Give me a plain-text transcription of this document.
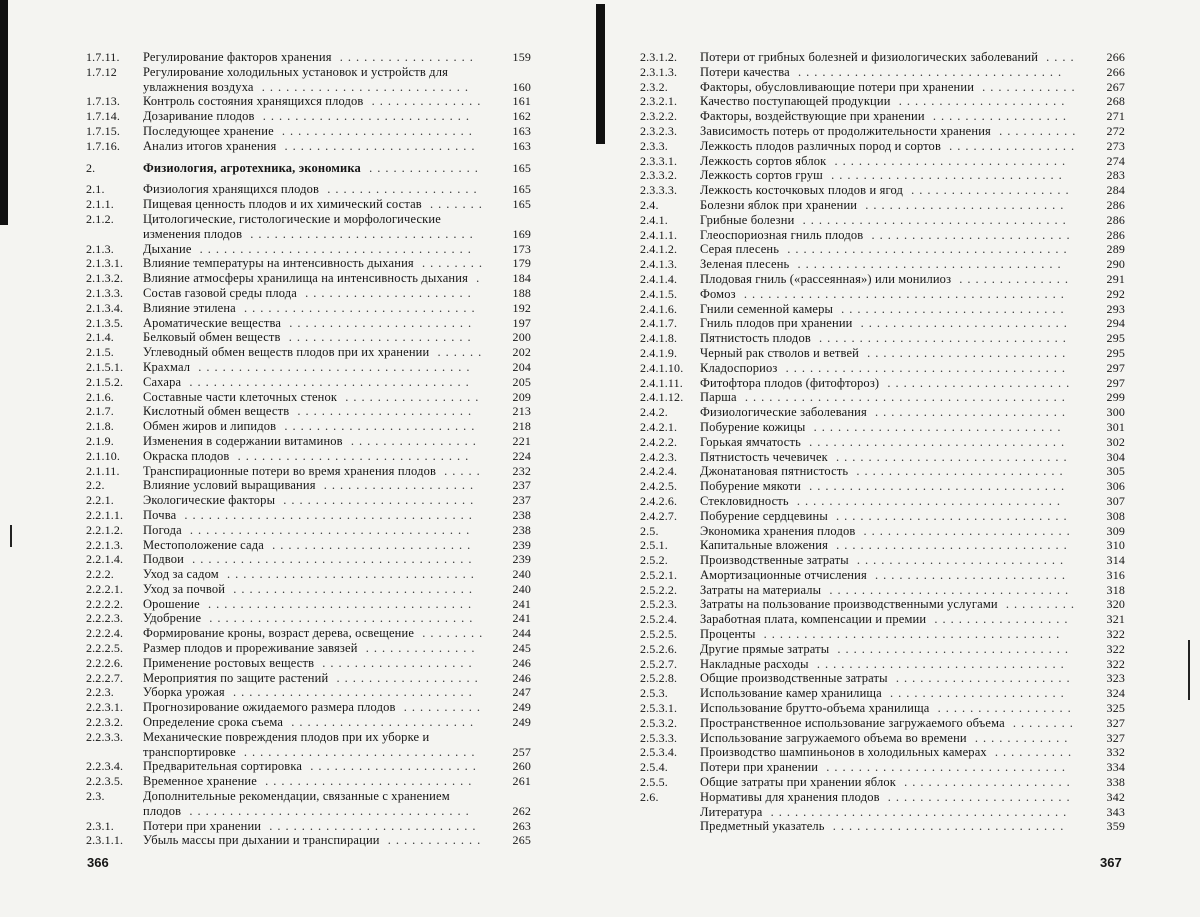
1.7.11. Регулирование факторов хранения .................	159
1.7.12 Регулирование холодильных установок и устройств для увлажнения воздуха ..........................	160
1.7.13. Контроль состояния хранящихся плодов ..............	161
1.7.14. Дозаривание плодов ..........................	162
1.7.15. Последующее хранение ........................	163
1.7.16. Анализ итогов хранения ........................	163
2.	Физиология, агротехника, экономика ..............	165
2.1.	Физиология хранящихся плодов ...................	165
2.1.1. Пищевая ценность плодов и их химический состав .......	165
2.1.2. Цитологические, гистологические и морфологические изменения плодов ............................	169
2.1.3. Дыхание ..................................	173
2.1.3.1. Влияние температуры на интенсивность дыхания ........	179
2.1.3.2. Влияние атмосферы хранилища на интенсивность дыхания .	184
2.1.3.3. Состав газовой среды плода .....................	188
2.1.3.4. Влияние этилена .............................	192
2.1.3.5. Ароматические вещества .......................	197
2.1.4. Белковый обмен веществ .......................	200
2.1.5. Углеводный обмен веществ плодов при их хранении ......	202
2.1.5.1. Крахмал ..................................	204
2.1.5.2. Сахара ...................................	205
2.1.6. Составные части клеточных стенок .................	209
2.1.7. Кислотный обмен веществ ......................	213
2.1.8. Обмен жиров и липидов ........................	218
2.1.9. Изменения в содержании витаминов ................	221
2.1.10. Окраска плодов .............................	224
2.1.11. Транспирационные потери во время хранения плодов .....	232
2.2.	Влияние условий выращивания ...................	237
2.2.1. Экологические факторы ........................	237
2.2.1.1. Почва ....................................	238
2.2.1.2. Погода ...................................	238
2.2.1.3. Местоположение сада .........................	239
2.2.1.4. Подвои ...................................	239
2.2.2. Уход за садом ...............................	240
2.2.2.1. Уход за почвой ..............................	240
2.2.2.2. Орошение .................................	241
2.2.2.3. Удобрение .................................	241
2.2.2.4. Формирование кроны, возраст дерева, освещение ........	244
2.2.2.5. Размер плодов и прореживание завязей ..............	245
2.2.2.6. Применение ростовых веществ ...................	246
2.2.2.7. Мероприятия по защите растений ..................	246
2.2.3. Уборка урожая ..............................	247
2.2.3.1. Прогнозирование ожидаемого размера плодов ..........	249
2.2.3.2. Определение срока съема .......................	249
2.2.3.3. Механические повреждения плодов при их уборке и транспортировке .............................	257
2.2.3.4. Предварительная сортировка .....................	260
2.2.3.5. Временное хранение ..........................	261
2.3.	Дополнительные рекомендации, связанные с хранением плодов ...................................	262
2.3.1. Потери при хранении ..........................	263
2.3.1.1. Убыль массы при дыхании и транспирации ............	265
366
2.3.1.2. Потери от грибных болезней и физиологических заболеваний ....	266
2.3.1.3. Потери качества .................................	266
2.3.2.	Факторы, обусловливающие потери при хранении ............	267
2.3.2.1. Качество поступающей продукции .....................	268
2.3.2.2. Факторы, воздействующие при хранении .................	271
2.3.2.3. Зависимость потерь от продолжительности хранения ..........	272
2.3.3.	Лежкость плодов различных пород и сортов ................	273
2.3.3.1. Лежкость сортов яблок .............................	274
2.3.3.2. Лежкость сортов груш .............................	283
2.3.3.3. Лежкость косточковых плодов и ягод ....................	284
2.4.	Болезни яблок при хранении .........................	286
2.4.1.	Грибные болезни .................................	286
2.4.1.1. Глеоспориозная гниль плодов .........................	286
2.4.1.2. Серая плесень ...................................	289
2.4.1.3. Зеленая плесень .................................	290
2.4.1.4. Плодовая гниль («рассеянная») или монилиоз ..............	291
2.4.1.5. Фомоз ........................................	292
2.4.1.6. Гнили семенной камеры ............................	293
2.4.1.7. Гниль плодов при хранении ..........................	294
2.4.1.8. Пятнистость плодов ...............................	295
2.4.1.9. Черный рак стволов и ветвей .........................	295
2.4.1.10. Кладоспориоз ...................................	297
2.4.1.11. Фитофтора плодов (фитофтороз) .......................	297
2.4.1.12. Парша ........................................	299
2.4.2.	Физиологические заболевания ........................	300
2.4.2.1. Побурение кожицы ...............................	301
2.4.2.2. Горькая ямчатость ................................	302
2.4.2.3. Пятнистость чечевичек .............................	304
2.4.2.4. Джонатановая пятнистость ..........................	305
2.4.2.5. Побурение мякоти ................................	306
2.4.2.6. Стекловидность .................................	307
2.4.2.7. Побурение сердцевины .............................	308
2.5.	Экономика хранения плодов ..........................	309
2.5.1.	Капитальные вложения .............................	310
2.5.2.	Производственные затраты ..........................	314
2.5.2.1. Амортизационные отчисления ........................	316
2.5.2.2. Затраты на материалы ..............................	318
2.5.2.3. Затраты на пользование производственными услугами .........	320
2.5.2.4. Заработная плата, компенсации и премии .................	321
2.5.2.5. Проценты .....................................	322
2.5.2.6. Другие прямые затраты .............................	322
2.5.2.7. Накладные расходы ...............................	322
2.5.2.8. Общие производственные затраты ......................	323
2.5.3.	Использование камер хранилища ......................	324
2.5.3.1. Использование брутто-объема хранилища .................	325
2.5.3.2. Пространственное использование загружаемого объема ........	327
2.5.3.3. Использование загружаемого объема во времени ............	327
2.5.3.4. Производство шампиньонов в холодильных камерах ..........	332
2.5.4.	Потери при хранении ..............................	334
2.5.5.	Общие затраты при хранении яблок .....................	338
2.6.	Нормативы для хранения плодов .......................	342
Литература .....................................	343
Предметный указатель .............................	359
367
